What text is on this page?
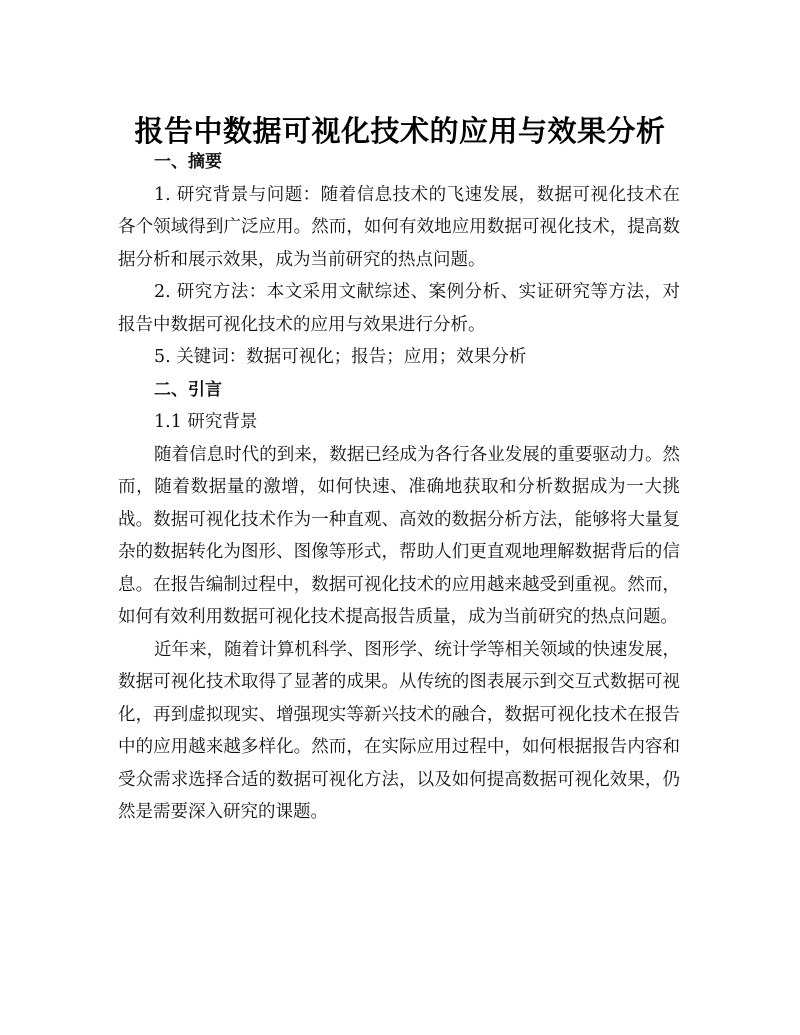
报告中数据可视化技术的应用与效果分析
一、摘要

1. 研究背景与问题：随着信息技术的飞速发展，数据可视化技术在各个领域得到广泛应用。然而，如何有效地应用数据可视化技术，提高数据分析和展示效果，成为当前研究的热点问题。

2. 研究方法：本文采用文献综述、案例分析、实证研究等方法，对报告中数据可视化技术的应用与效果进行分析。

5. 关键词：数据可视化；报告；应用；效果分析

二、引言

1.1 研究背景

随着信息时代的到来，数据已经成为各行各业发展的重要驱动力。然而，随着数据量的激增，如何快速、准确地获取和分析数据成为一大挑战。数据可视化技术作为一种直观、高效的数据分析方法，能够将大量复杂的数据转化为图形、图像等形式，帮助人们更直观地理解数据背后的信息。在报告编制过程中，数据可视化技术的应用越来越受到重视。然而，如何有效利用数据可视化技术提高报告质量，成为当前研究的热点问题。

近年来，随着计算机科学、图形学、统计学等相关领域的快速发展，数据可视化技术取得了显著的成果。从传统的图表展示到交互式数据可视化，再到虚拟现实、增强现实等新兴技术的融合，数据可视化技术在报告中的应用越来越多样化。然而，在实际应用过程中，如何根据报告内容和受众需求选择合适的数据可视化方法，以及如何提高数据可视化效果，仍然是需要深入研究的课题。
